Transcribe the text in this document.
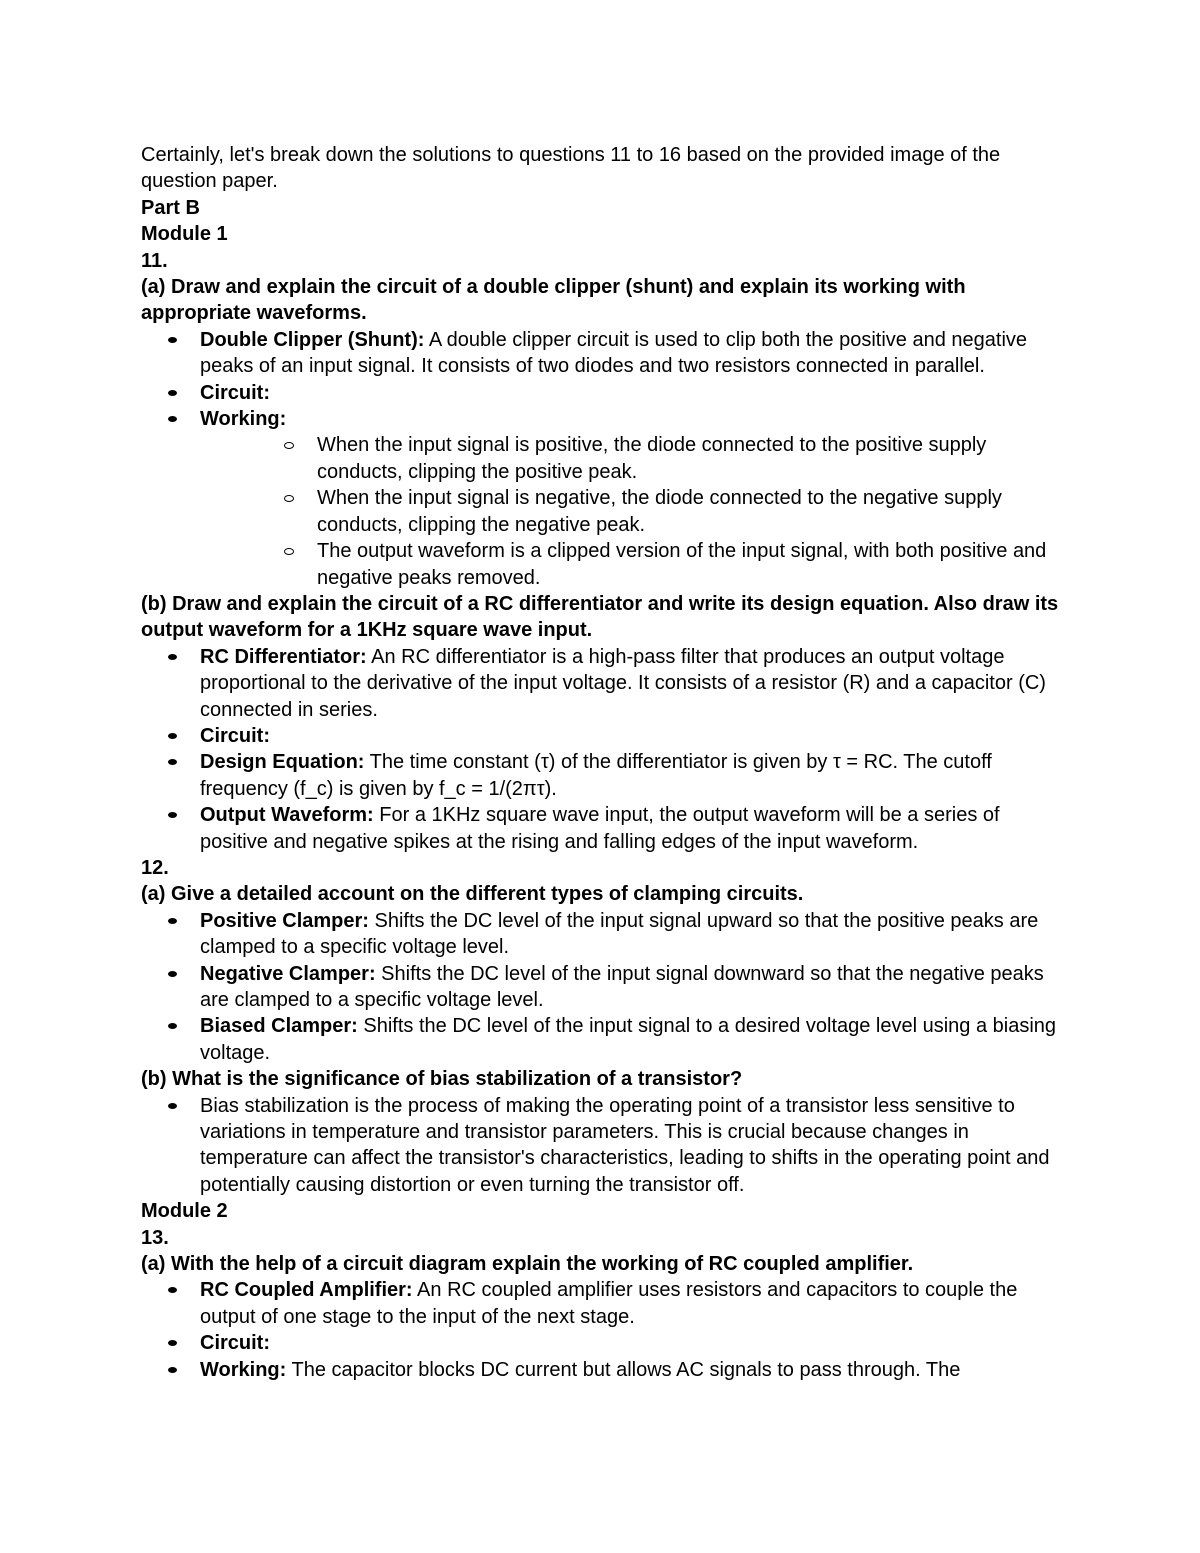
Certainly, let's break down the solutions to questions 11 to 16 based on the provided image of the question paper.

Part B

Module 1

11.

(a) Draw and explain the circuit of a double clipper (shunt) and explain its working with appropriate waveforms.

Double Clipper (Shunt): A double clipper circuit is used to clip both the positive and negative peaks of an input signal. It consists of two diodes and two resistors connected in parallel.
Circuit:
Working:
When the input signal is positive, the diode connected to the positive supply conducts, clipping the positive peak.
When the input signal is negative, the diode connected to the negative supply conducts, clipping the negative peak.
The output waveform is a clipped version of the input signal, with both positive and negative peaks removed.

(b) Draw and explain the circuit of a RC differentiator and write its design equation. Also draw its output waveform for a 1KHz square wave input.

RC Differentiator: An RC differentiator is a high-pass filter that produces an output voltage proportional to the derivative of the input voltage. It consists of a resistor (R) and a capacitor (C) connected in series.
Circuit:
Design Equation: The time constant (τ) of the differentiator is given by τ = RC. The cutoff frequency (f_c) is given by f_c = 1/(2πτ).
Output Waveform: For a 1KHz square wave input, the output waveform will be a series of positive and negative spikes at the rising and falling edges of the input waveform.

12.

(a) Give a detailed account on the different types of clamping circuits.

Positive Clamper: Shifts the DC level of the input signal upward so that the positive peaks are clamped to a specific voltage level.
Negative Clamper: Shifts the DC level of the input signal downward so that the negative peaks are clamped to a specific voltage level.
Biased Clamper: Shifts the DC level of the input signal to a desired voltage level using a biasing voltage.

(b) What is the significance of bias stabilization of a transistor?

Bias stabilization is the process of making the operating point of a transistor less sensitive to variations in temperature and transistor parameters. This is crucial because changes in temperature can affect the transistor's characteristics, leading to shifts in the operating point and potentially causing distortion or even turning the transistor off.

Module 2

13.

(a) With the help of a circuit diagram explain the working of RC coupled amplifier.

RC Coupled Amplifier: An RC coupled amplifier uses resistors and capacitors to couple the output of one stage to the input of the next stage.
Circuit:
Working: The capacitor blocks DC current but allows AC signals to pass through. The
